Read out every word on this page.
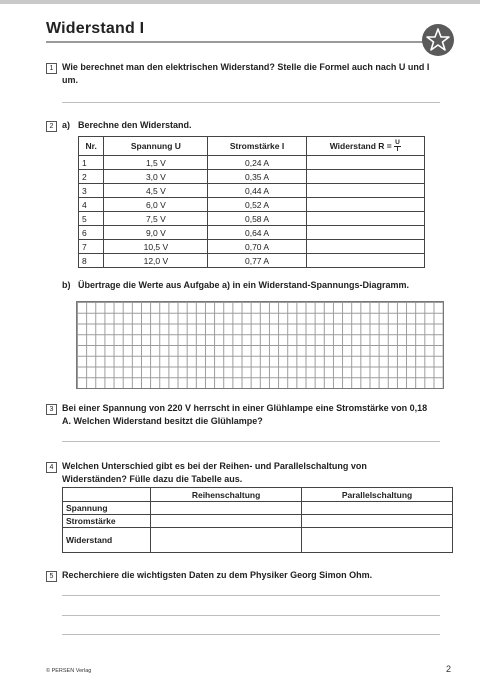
Widerstand I
1 Wie berechnet man den elektrischen Widerstand? Stelle die Formel auch nach U und I um.
2 a) Berechne den Widerstand.
Nr.	Spannung U	Stromstärke I	Widerstand $R = \frac{U}{I}$
1	1,5 V	0,24 A	
2	3,0 V	0,35 A	
3	4,5 V	0,44 A	
4	6,0 V	0,52 A	
5	7,5 V	0,58 A	
6	9,0 V	0,64 A	
7	10,5 V	0,70 A	
8	12,0 V	0,77 A	
b) Übertrage die Werte aus Aufgabe a) in ein Widerstand-Spannungs-Diagramm.
3 Bei einer Spannung von 220 V herrscht in einer Glühlampe eine Stromstärke von 0,18 A. Welchen Widerstand besitzt die Glühlampe?
4 Welchen Unterschied gibt es bei der Reihen- und Parallelschaltung von Widerständen? Fülle dazu die Tabelle aus.
	Reihenschaltung	Parallelschaltung
Spannung		
Stromstärke		
Widerstand		
5 Recherchiere die wichtigsten Daten zu dem Physiker Georg Simon Ohm.
© PERSEN Verlag	2
